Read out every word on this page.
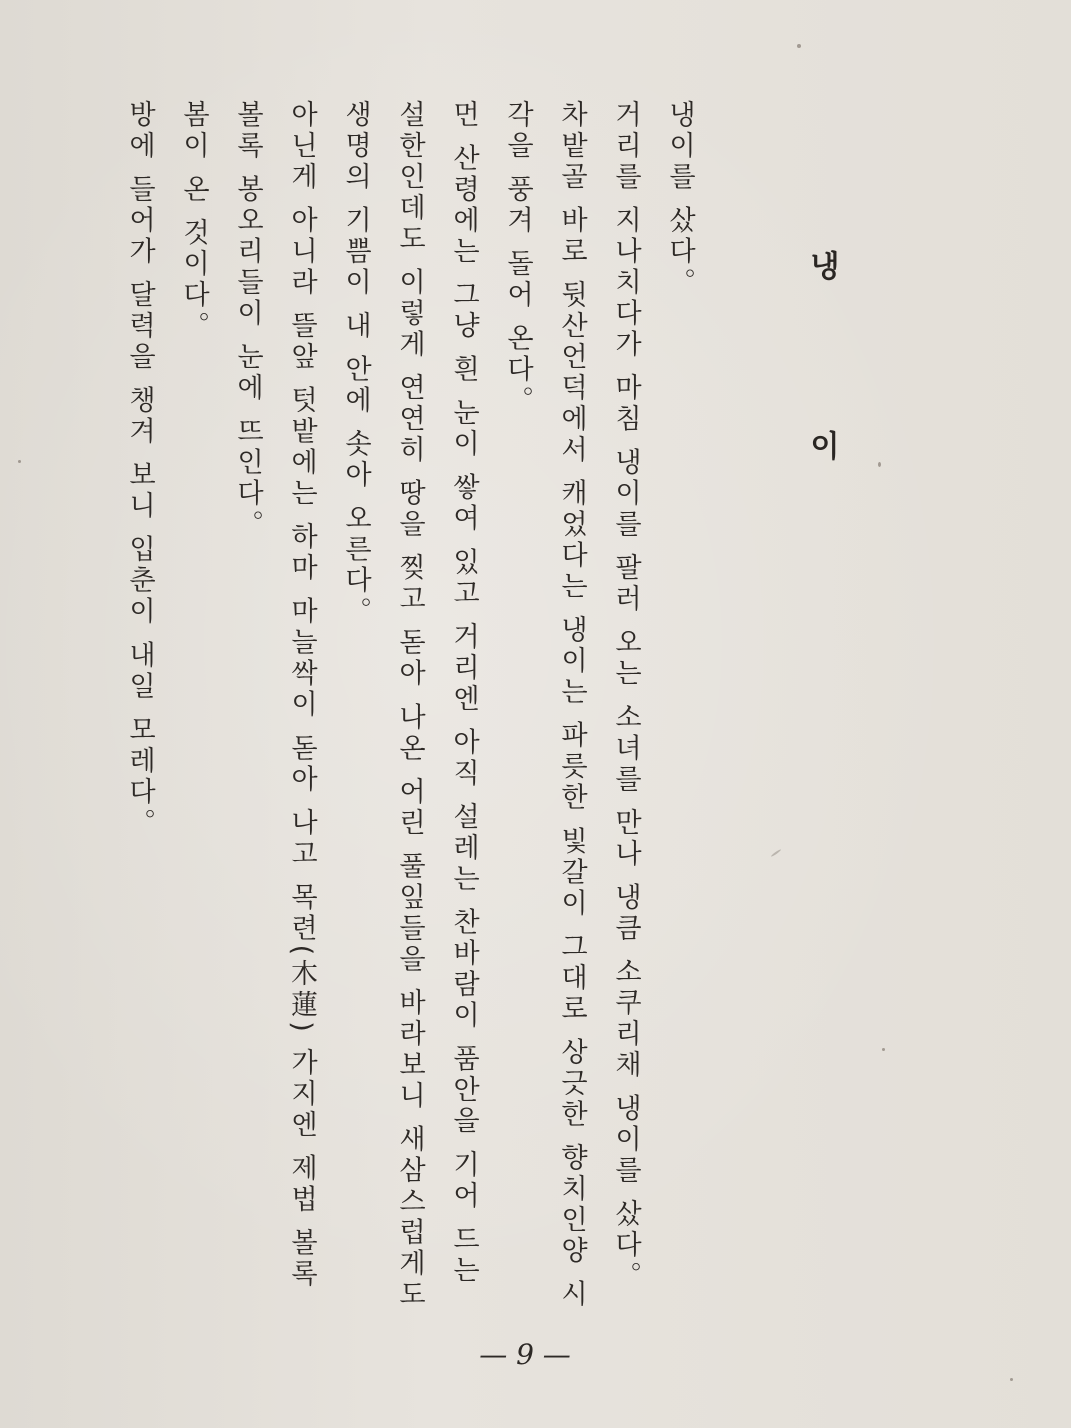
냉이

냉이를 샀다。

거리를 지나치다가 마침 냉이를 팔러 오는 소녀를 만나 냉큼 소쿠리채 냉이를 샀다。

차밭골 바로 뒷산언덕에서 캐었다는 냉이는 파릇한 빛갈이 그대로 상긋한 향치인양 시각을 풍겨 돌어 온다。

먼 산령에는 그냥 흰 눈이 쌓여 있고 거리엔 아직 설레는 찬바람이 품안을 기어 드는 설한인데도 이렇게 연연히 땅을 찢고 돋아 나온 어린 풀잎들을 바라보니 새삼스럽게도 생명의 기쁨이 내 안에 솟아 오른다。

아닌게 아니라 뜰앞 텃밭에는 하마 마늘싹이 돋아 나고 목련(木蓮) 가지엔 제법 볼록 볼록 봉오리들이 눈에 뜨인다。

봄이 온 것이다。

방에 들어가 달력을 챙겨 보니 입춘이 내일 모레다。

— 9 —
